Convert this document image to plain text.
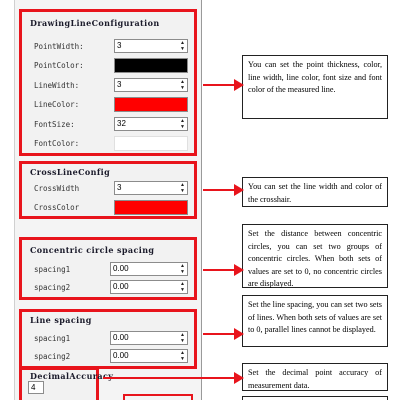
DrawingLineConfiguration
PointWidth:	3	▲
▼
PointColor:
LineWidth:	3	▲
▼
LineColor:
FontSize:	32	▲
▼
FontColor:
CrossLineConfig
CrossWidth	3	▲
▼
CrossColor
Concentric circle spacing
spacing1	0.00	▲
▼
spacing2	0.00	▲
▼
Line spacing
spacing1	0.00	▲
▼
spacing2	0.00	▲
▼
DecimalAccuracy
4
You can set the point thickness, color, line width, line color, font size and font color of the measured line.
You can set the line width and color of the crosshair.
Set the distance between concentric circles, you can set two groups of concentric circles. When both sets of values are set to 0, no concentric circles are displayed.
Set the line spacing, you can set two sets of lines. When both sets of values are set to 0, parallel lines cannot be displayed.
Set the decimal point accuracy of measurement data.
